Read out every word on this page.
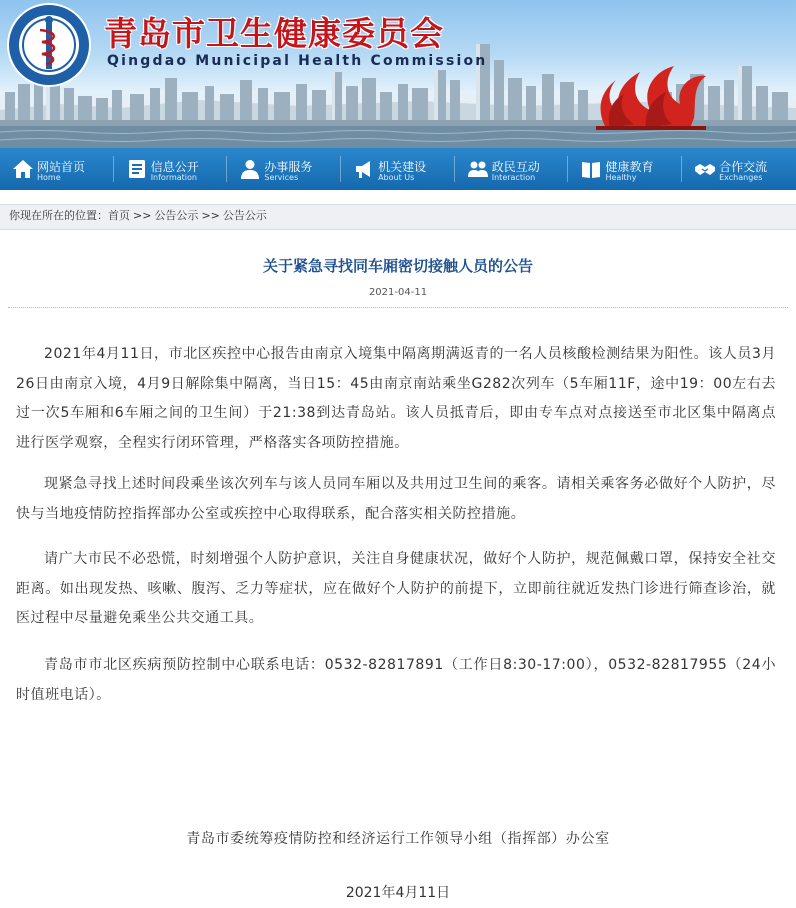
青岛市卫生健康委员会
Qingdao Municipal Health Commission
网站首页
Home
信息公开
Information
办事服务
Services
机关建设
About Us
政民互动
Interaction
健康教育
Healthy
合作交流
Exchanges
你现在所在的位置：首页 >> 公告公示 >> 公告公示
关于紧急寻找同车厢密切接触人员的公告
2021-04-11

2021年4月11日，市北区疾控中心报告由南京入境集中隔离期满返青的一名人员核酸检测结果为阳性。该人员3月26日由南京入境，4月9日解除集中隔离，当日15：45由南京南站乘坐G282次列车（5车厢11F，途中19：00左右去过一次5车厢和6车厢之间的卫生间）于21:38到达青岛站。该人员抵青后，即由专车点对点接送至市北区集中隔离点进行医学观察，全程实行闭环管理，严格落实各项防控措施。

现紧急寻找上述时间段乘坐该次列车与该人员同车厢以及共用过卫生间的乘客。请相关乘客务必做好个人防护，尽快与当地疫情防控指挥部办公室或疾控中心取得联系，配合落实相关防控措施。

请广大市民不必恐慌，时刻增强个人防护意识，关注自身健康状况，做好个人防护，规范佩戴口罩，保持安全社交距离。如出现发热、咳嗽、腹泻、乏力等症状，应在做好个人防护的前提下，立即前往就近发热门诊进行筛查诊治，就医过程中尽量避免乘坐公共交通工具。

青岛市市北区疾病预防控制中心联系电话：0532-82817891（工作日8:30-17:00），0532-82817955（24小时值班电话）。

青岛市委统筹疫情防控和经济运行工作领导小组（指挥部）办公室
2021年4月11日
